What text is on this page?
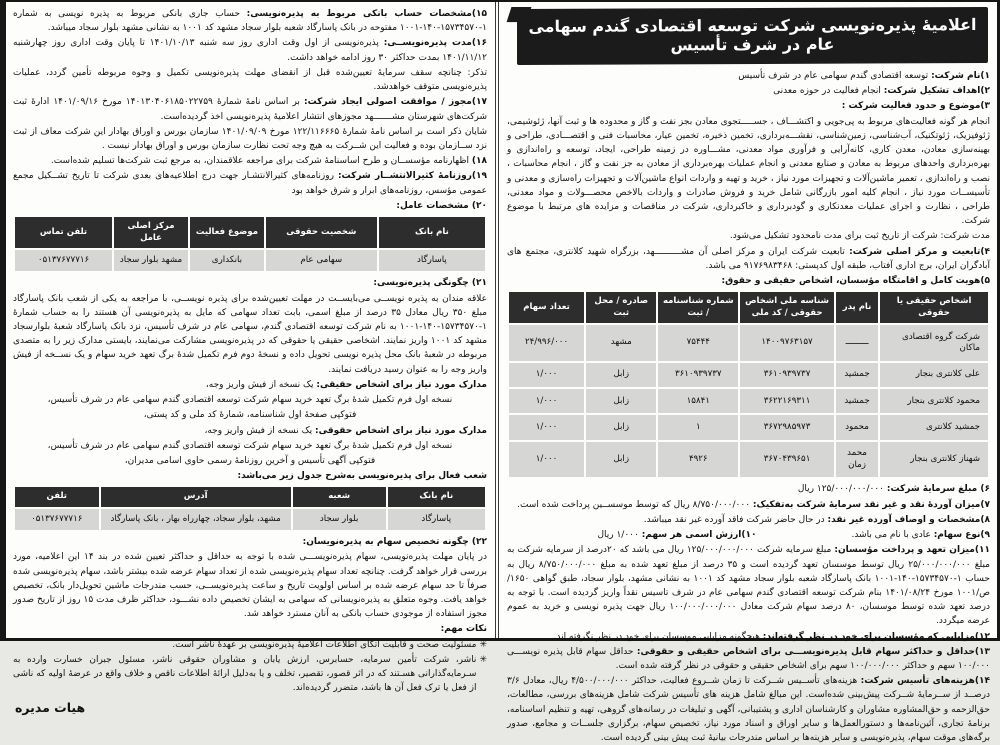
اعلامیهٔ پذیره‌نویسی شرکت توسعه اقتصادی گندم سهامی عام در شرف تأسیس

۱)نام شرکت: توسعه اقتصادی گندم سهامی عام در شرف تأسیس

۲)اهداف تشکیل شرکت: انجام فعالیت در حوزه معدنی

۳)موضوع و حدود فعالیت شرکت :

انجام هر گونه فعالیت‌های مربوط به پی‌جویی و اکتشـــاف ، جســـــتجوی معادن بجز نفت و گاز و محدوده ها و ثبت آنها، ژئوشیمی، ژئوفیزیک، ژئوتکنیک، آب‌شناسی، زمین‌شناسی، نقشـــه‌برداری، تخمین ذخیره، تخمین عیار، محاسبات فنی و اقتصـــادی، طراحی و بهینه‌سازی معادن، معدن کاری، کانه‌آرایی و فرآوری مواد معدنی، مشـــاوره در زمینه طراحی، ایجاد، توسعه و راه‌اندازی و بهره‌برداری واحدهای مربوط به معادن و صنایع معدنی و انجام عملیات بهره‌برداری از معادن به جز نفت و گاز ، انجام محاسبات ، نصب و راه‌اندازی ، تعمیر ماشین‌آلات و تجهیزات مورد نیاز ، خرید و تهیه و واردات انواع ماشین‌آلات و تجهیزات راه‌سازی و معدنی و تأسیســات مورد نیاز ، انجام کلیه امور بازرگانی شامل خرید و فروش صادرات و واردات بالاخص محصـــولات و مواد معدنی، طراحی ، نظارت و اجرای عملیات معدنکاری و گودبرداری و خاکبرداری، شرکت در مناقصات و مزایده های مرتبط با موضوع شرکت.

مدت شرکت: شرکت از تاریخ ثبت برای مدت نامحدود تشکیل می‌شود.

۴)تابعیت و مرکز اصلی شرکت: تابعیت شرکت ایران و مرکز اصلی آن مشــــــــــهد، بزرگراه شهید کلانتری، مجتمع های آبادگران ایران، برج اداری آفتاب، طبقه اول کدپستی: ۹۱۷۶۹۸۳۴۶۸ می باشد.

۵)هویت کامل و اقامتگاه مؤسسان، اشخاص حقیقی و حقوق:

اشخاص حقیقی یا حقوقی	نام پدر	شناسه ملی اشخاص حقوقی / کد ملی	شماره شناسنامه / ثبت	صادره / محل ثبت	تعداد سهام
شرکت گروه اقتصادی ماکان	ـــــــــ	۱۴۰۰۹۷۶۳۱۵۷	۷۵۴۴۴	مشهد	۲۴/۹۹۶/۰۰۰
علی کلانتری بنجار	جمشید	۳۶۱۰۹۳۹۷۳۷	۳۶۱۰۹۳۹۷۳۷	زابل	۱/۰۰۰
محمود کلانتری بنجار	جمشید	۳۶۲۲۱۶۹۳۱۱	۱۵۸۴۱	زابل	۱/۰۰۰
جمشید کلانتری	محمود	۳۶۷۲۹۸۵۹۷۳	۱	زابل	۱/۰۰۰
شهناز کلانتری بنجار	محمد زمان	۳۶۷۰۴۳۹۶۵۱	۴۹۲۶	زابل	۱/۰۰۰

۶) مبلغ سرمایهٔ شرکت: ۱۲۵/۰۰۰/۰۰۰/۰۰۰ ریال

۷)میزان آوردهٔ نقد و غیر نقد سرمایهٔ شرکت به‌تفکیک: ۸/۷۵۰/۰۰۰/۰۰۰ ریال که توسط موسســین پرداخت شده است.

۸)مشخصات و اوصاف آورده غیر نقد: در حال حاضر شرکت فاقد آورده غیر نقد میباشد.

۹)نوع سهام: عادی با نام می باشد.
۱۰)ارزش اسمی هر سهم: ۱/۰۰۰ ریال

۱۱)میزان تعهد و پرداخت مؤسسان: مبلغ سرمایه شرکت ۱۲۵/۰۰۰/۰۰۰/۰۰۰ ریال می باشد که ۲۰درصد از سرمایه شرکت به مبلغ ۲۵/۰۰۰/۰۰۰/۰۰۰ ریال توسط موسسان تعهد گردیده است و ۳۵ درصد از مبلغ تعهد شده به مبلغ ۸/۷۵۰/۰۰۰/۰۰۰ ریال به حساب ۱-۱۵۷۳۴۵۷۰-۱۴۰-۱۰۰۱ بانک پاسارگاد شعبه بلوار سجاد مشهد کد ۱۰۰۱ به نشانی مشهد، بلوار سجاد، طبق گواهی ۱۶۵۰/ص/۱۰۰۱ مورخ ۱۴۰۱/۰۸/۲۴ بنام شرکت توسعه اقتصادی گندم سهامی عام در شرف تاسیس نقداً واریز گردیده است. با توجه به درصد تعهد شده توسط موسسان، ۸۰ درصد سهام شرکت معادل ۱۰۰/۰۰۰/۰۰۰/۰۰۰ ریال جهت پذیره نویسی و خرید به عموم عرضه میگردد.

۱۲)مزایایی که مؤسسان برای خود در نظر گرفته‌اند: هیچگونه مزایایی موسسان برای خود در نظر نگرفته اند.

۱۳)حداقل و حداکثر سهام قابل پذیره‌نویســـی برای اشخاص حقیقی و حقوقی: حداقل سهام قابل پذیره نویســـی ۱۰۰/۰۰۰ سهم و حداکثر ۱۰۰/۰۰۰/۰۰۰ سهم برای اشخاص حقیقی و حقوقی در نظر گرفته شده است.

۱۴)هزینه‌های تأسیس شرکت: هزینه‌های تأســیس شــرکت تا زمان شــروع فعالیت، حداکثر ۴/۵۰۰/۰۰۰/۰۰۰ ریال، معادل ۳/۶ درصــد از ســرمایهٔ شــرکت پیش‌بینی شده‌است. این مبالغ شامل هزینه های تأسیس شرکت شامل هزینه‌های بررسی، مطالعات، حق‌الزحمه و حق‌المشاوره مشاوران و کارشناسان اداری و پشتیبانی، آگهی و تبلیغات در رسانه‌های گروهی، تهیه و تنظیم اساسنامه، برنامهٔ تجاری، آئین‌نامه‌ها و دستورالعمل‌ها و سایر اوراق و اسناد مورد نیاز، تخصیص سهام، برگزاری جلســات و مجامع، صدور برگه‌های موقت سهام، پذیره‌نویسی و سایر هزینه‌ها بر اساس مندرجات بیانیهٔ ثبت پیش بینی گردیده است.

۱۵)مشخصات حساب بانکی مربوط به پذیره‌نویسی: حساب جاری بانکی مربوط به پذیره نویسی به شماره ۱-۱۵۷۳۴۵۷۰-۱۴۰-۱۰۰۱ مفتوحه در بانک پاسارگاد شعبه بلوار سجاد مشهد کد ۱۰۰۱ به نشانی مشهد بلوار سجاد میباشد.

۱۶)مدت پذیره‌نویســی: پذیره‌نویسی از اول وقت اداری روز سه شنبه ۱۴۰۱/۱۰/۱۳ تا پایان وقت اداری روز چهارشنبه ۱۴۰۱/۱۱/۱۲ بمدت حداکثر ۳۰ روز ادامه خواهد داشت.

تذکر: چنانچه سقف سرمایهٔ تعیین‌شده قبل از انقضای مهلت پذیره‌نویسی تکمیل و وجوه مربوطه تأمین گردد، عملیات پذیره‌نویسی متوقف خواهدشد.

۱۷)مجوز / موافقت اصولی ایجاد شرکت: بر اساس نامهٔ شمارهٔ ۱۴۰۱۳۰۴۰۶۱۸۵۰۲۲۷۵۹ مورخ ۱۴۰۱/۰۹/۱۶ ادارهٔ ثبت شرکت‌های شهرستان مشـــــــهد مجوزهای انتشار اعلامیهٔ پذیره‌نویسی اخذ گردیده‌است.

شایان ذکر است بر اساس نامهٔ شمارهٔ ۱۲۲/۱۱۶۶۶۵ مورخ ۱۴۰۱/۰۹/۰۹ سازمان بورس و اوراق بهادار این شرکت معاف از ثبت نزد ســازمان بوده و فعالیت این شــرکت به هیچ وجه تحت نظارت سازمان بورس و اوراق بهادار نیست .

۱۸) اظهارنامه مؤسســان و طرح اساسنامهٔ شرکت برای مراجعه علاقمندان، به مرجع ثبت شرکت‌ها تسلیم شده‌است.

۱۹)روزنامهٔ کثیرالانتشــار شرکت: روزنامه‌های کثیرالانتشـار جهت درج اطلاعیه‌های بعدی شرکت تا تاریخ تشــکیل مجمع عمومی مؤسس، روزنامه‌های ابرار و شرق خواهد بود

۲۰) مشخصات عامل:

نام بانک	شخصیت حقوقی	موضوع فعالیت	مرکز اصلی عامل	تلفن تماس
پاسارگاد	سهامی عام	بانکداری	مشهد بلوار سجاد	۰۵۱۳۷۶۷۷۷۱۶

۲۱) چگونگی پذیره‌نویسی:

علاقه مندان به پذیره نویســی می‌بایســت در مهلت تعیین‌شده برای پذیره نویســی، با مراجعه به یکی از شعب بانک پاسارگاد مبلغ ۳۵۰ ریال معادل ۳۵ درصد از مبلغ اسمی، بابت تعداد سهامی که مایل به پذیره‌نویسی آن هستند را به حساب شمارهٔ ۱-۱۵۷۳۴۵۷۰-۱۴۰-۱۰۰۱ به نام شرکت توسعه اقتصادی گندم، سهامی عام در شرف تأسیس، نزد بانک پاسارگاد شعبهٔ بلوارسجاد مشهد کد ۱۰۰۱ واریز نمایند. اشخاصی حقیقی یا حقوقی که در پذیره‌نویسی مشارکت می‌نمایند، بایستی مدارک زیر را به متصدی مربوطه در شعبهٔ بانک محل پذیره نویسی تحویل داده و نسخهٔ دوم فرم تکمیل شدهٔ برگ تعهد خرید سهام و یک نســخه از فیش واریز وجه را به عنوان رسید دریافت نمایند.

مدارک مورد نیاز برای اشخاص حقیقی: یک نسخه از فیش واریز وجه،

نسخه اول فرم تکمیل شدهٔ برگ تعهد خرید سهام شرکت توسعه اقتصادی گندم سهامی عام در شرف تأسیس،

فتوکپی صفحهٔ اول شناسنامه، شمارهٔ کد ملی و کد پستی،

مدارک مورد نیاز برای اشخاص حقوقی: یک نسخه از فیش واریز وجه،

نسخه اول فرم تکمیل شدهٔ برگ تعهد خرید سهام شرکت توسعه اقتصادی گندم سهامی عام در شرف تأسیس،

فتوکپی آگهی تأسیس و آخرین روزنامهٔ رسمی حاوی اسامی مدیران،

شعب فعال برای پذیره‌نویسی به‌شرح جدول زیر می‌باشد:

نام بانک	شعبه	آدرس	تلفن
پاسارگاد	بلوار سجاد	مشهد، بلوار سجاد، چهارراه بهار ، بانک پاسارگاد	۰۵۱۳۷۶۷۷۷۱۶

۲۲) چگونه تخصیص سهام به پذیره‌نویسان:

در پایان مهلت پذیره‌نویسی، سهام پذیره‌نویســـی شده با توجه به حداقل و حداکثر تعیین شده در بند ۱۴ این اعلامیه، مورد بررسی قرار خواهد گرفت. چنانچه تعداد سهام پذیره‌نویسی شده از تعداد سهام عرضه شده بیشتر باشد، سهام پذیره‌نویسی شده صرفاً تا حد سهام عرضه شده بر اساس اولویت تاریخ و ساعت پذیره‌نویســی، حسب مندرجات ماشین تحویل‌دار بانک، تخصیص خواهد یافت. وجوه متعلق به پذیره‌نویسانی که سهامی به ایشان تخصیص داده نشـــود، حداکثر ظرف مدت ۱۵ روز از تاریخ صدور مجوز استفاده از موجودی حساب بانکی به آنان مسترد خواهد شد.

نکات مهم:

✳
مسئولیت صحت و قابلیت اتکای اطلاعات اعلامیهٔ پذیره‌نویسی بر عهدهٔ ناشر است.

✳
ناشر، شرکت تأمین سرمایه، حسابرس، ارزش یابان و مشاوران حقوقی ناشر، مسئول جبران خسارت وارده به سـرمایه‌گذارانی هسـتند که در اثر قصور، تقصیر، تخلف و یا به‌دلیل ارائهٔ اطلاعات ناقص و خلاف واقع در عرضهٔ اولیه که ناشی از فعل یا ترک فعل آن ها باشد، متضرر گردیده‌اند.

هیات مدیره
